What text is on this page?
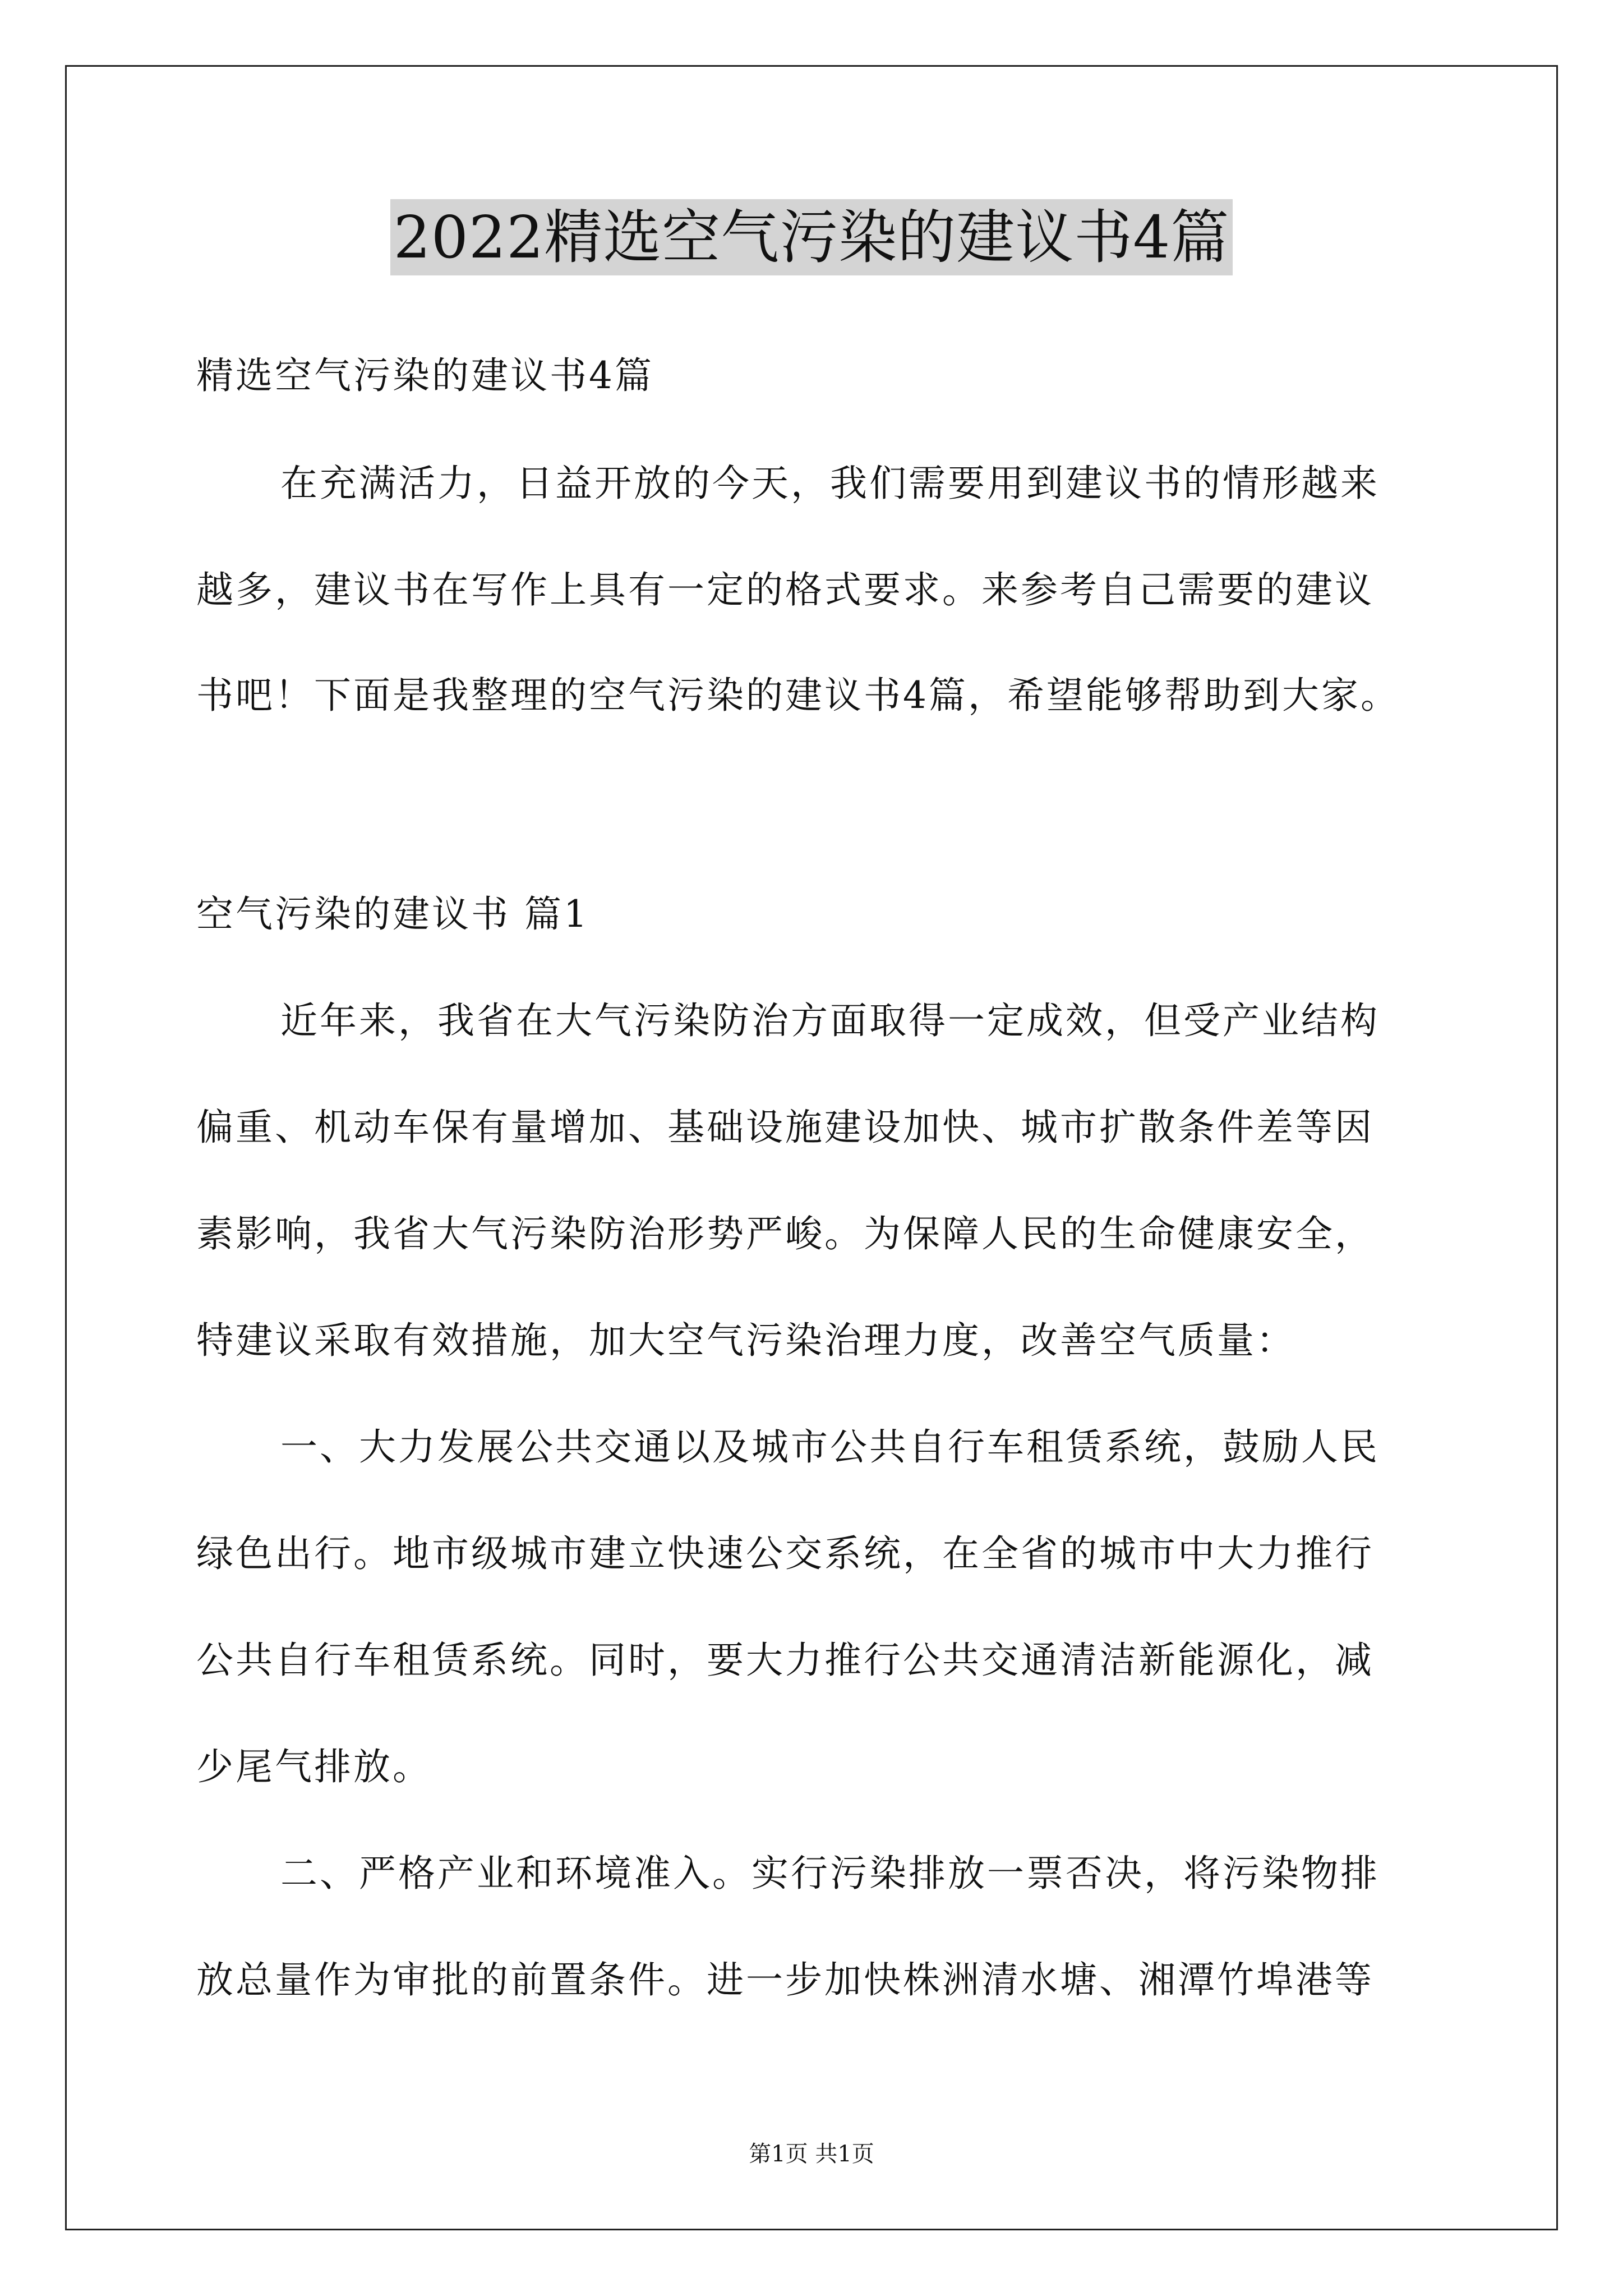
2022精选空气污染的建议书4篇
精选空气污染的建议书4篇
在充满活力，日益开放的今天，我们需要用到建议书的情形越来
越多，建议书在写作上具有一定的格式要求。来参考自己需要的建议
书吧！下面是我整理的空气污染的建议书4篇，希望能够帮助到大家。
空气污染的建议书 篇1
近年来，我省在大气污染防治方面取得一定成效，但受产业结构
偏重、机动车保有量增加、基础设施建设加快、城市扩散条件差等因
素影响，我省大气污染防治形势严峻。为保障人民的生命健康安全，
特建议采取有效措施，加大空气污染治理力度，改善空气质量：
一、大力发展公共交通以及城市公共自行车租赁系统，鼓励人民
绿色出行。地市级城市建立快速公交系统，在全省的城市中大力推行
公共自行车租赁系统。同时，要大力推行公共交通清洁新能源化，减
少尾气排放。
二、严格产业和环境准入。实行污染排放一票否决，将污染物排
放总量作为审批的前置条件。进一步加快株洲清水塘、湘潭竹埠港等
第1页 共1页
